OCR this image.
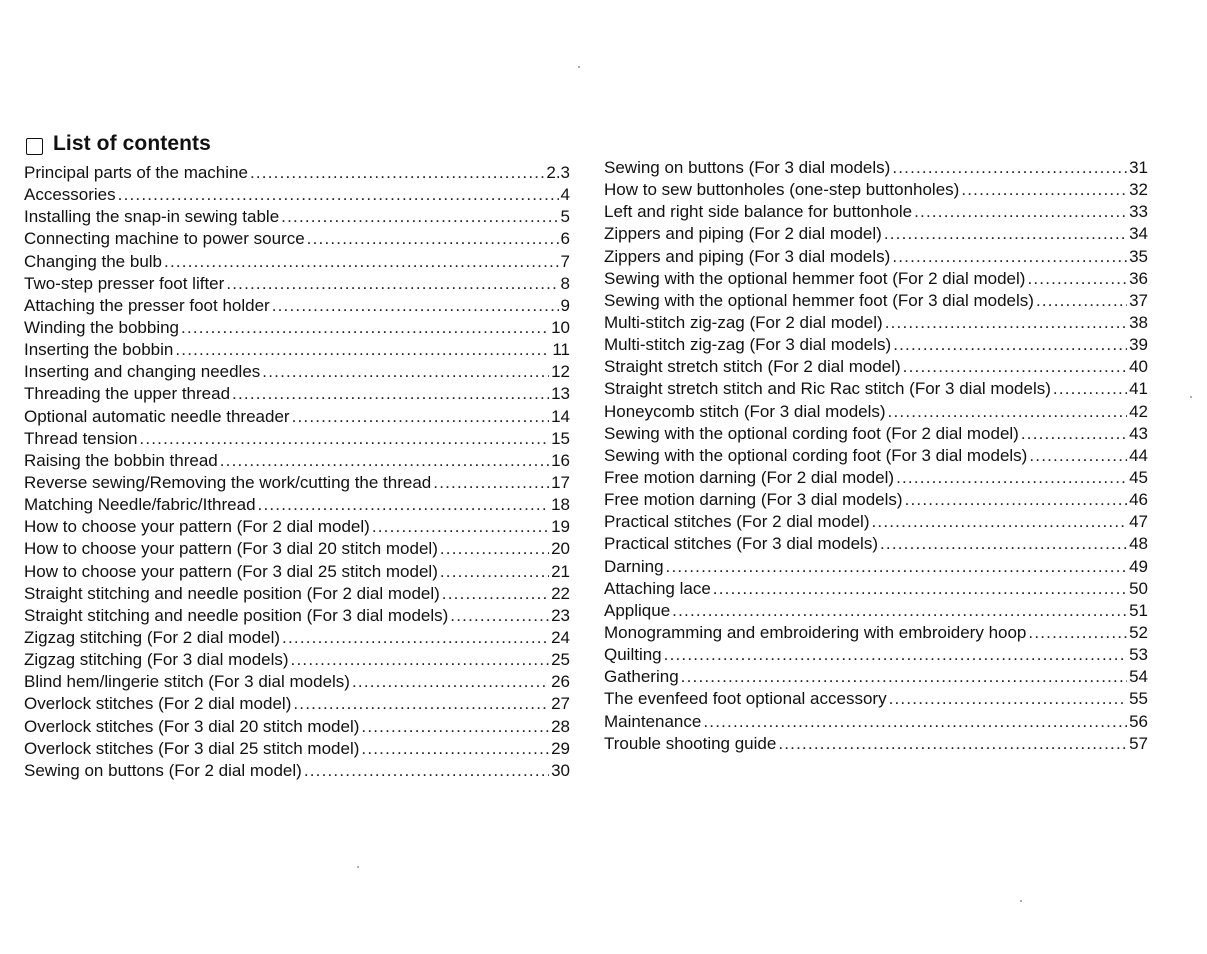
List of contents
Principal parts of the machine .....	2.3
Accessories .....	4
Installing the snap-in sewing table .....	5
Connecting machine to power source .....	6
Changing the bulb .....	7
Two-step presser foot lifter .....	8
Attaching the presser foot holder .....	9
Winding the bobbing .....	10
Inserting the bobbin .....	11
Inserting and changing needles .....	12
Threading the upper thread .....	13
Optional automatic needle threader .....	14
Thread tension .....	15
Raising the bobbin thread .....	16
Reverse sewing/Removing the work/cutting the thread .....	17
Matching Needle/fabric/Ithread .....	18
How to choose your pattern (For 2 dial model) .....	19
How to choose your pattern (For 3 dial 20 stitch model) .....	20
How to choose your pattern (For 3 dial 25 stitch model) .....	21
Straight stitching and needle position (For 2 dial model) .....	22
Straight stitching and needle position (For 3 dial models) .....	23
Zigzag stitching (For 2 dial model) .....	24
Zigzag stitching (For 3 dial models) .....	25
Blind hem/lingerie stitch (For 3 dial models) .....	26
Overlock stitches (For 2 dial model) .....	27
Overlock stitches (For 3 dial 20 stitch model) .....	28
Overlock stitches (For 3 dial 25 stitch model) .....	29
Sewing on buttons (For 2 dial model) .....	30
Sewing on buttons (For 3 dial models) .....	31
How to sew buttonholes (one-step buttonholes) .....	32
Left and right side balance for buttonhole .....	33
Zippers and piping (For 2 dial model) .....	34
Zippers and piping (For 3 dial models) .....	35
Sewing with the optional hemmer foot (For 2 dial model) .....	36
Sewing with the optional hemmer foot (For 3 dial models) .....	37
Multi-stitch zig-zag (For 2 dial model) .....	38
Multi-stitch zig-zag (For 3 dial models) .....	39
Straight stretch stitch (For 2 dial model) .....	40
Straight stretch stitch and Ric Rac stitch (For 3 dial models) .....	41
Honeycomb stitch (For 3 dial models) .....	42
Sewing with the optional cording foot (For 2 dial model) .....	43
Sewing with the optional cording foot (For 3 dial models) .....	44
Free motion darning (For 2 dial model) .....	45
Free motion darning (For 3 dial models) .....	46
Practical stitches (For 2 dial model) .....	47
Practical stitches (For 3 dial models) .....	48
Darning .....	49
Attaching lace .....	50
Applique .....	51
Monogramming and embroidering with embroidery hoop .....	52
Quilting .....	53
Gathering .....	54
The evenfeed foot optional accessory .....	55
Maintenance .....	56
Trouble shooting guide .....	57
